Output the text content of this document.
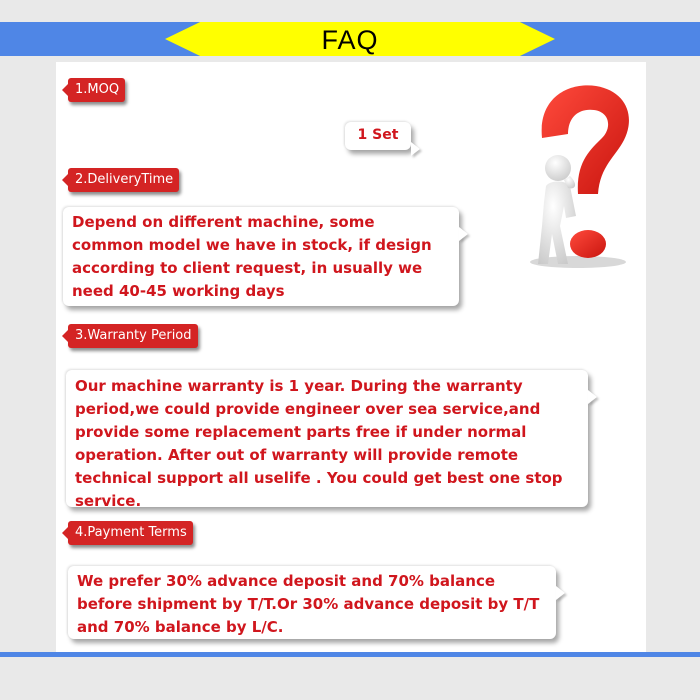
FAQ
1.MOQ
1 Set
2.DeliveryTime
Depend on different machine, some common model we have in stock, if design according to client request, in usually we need 40-45 working days
3.Warranty Period
Our machine warranty is 1 year. During the warranty period,we could provide engineer over sea service,and provide some replacement parts free if under normal operation. After out of warranty will provide remote technical support all uselife . You could get best one stop service.
4.Payment Terms
We prefer 30% advance deposit and 70% balance before shipment by T/T.Or 30% advance deposit by T/T and 70% balance by L/C.
